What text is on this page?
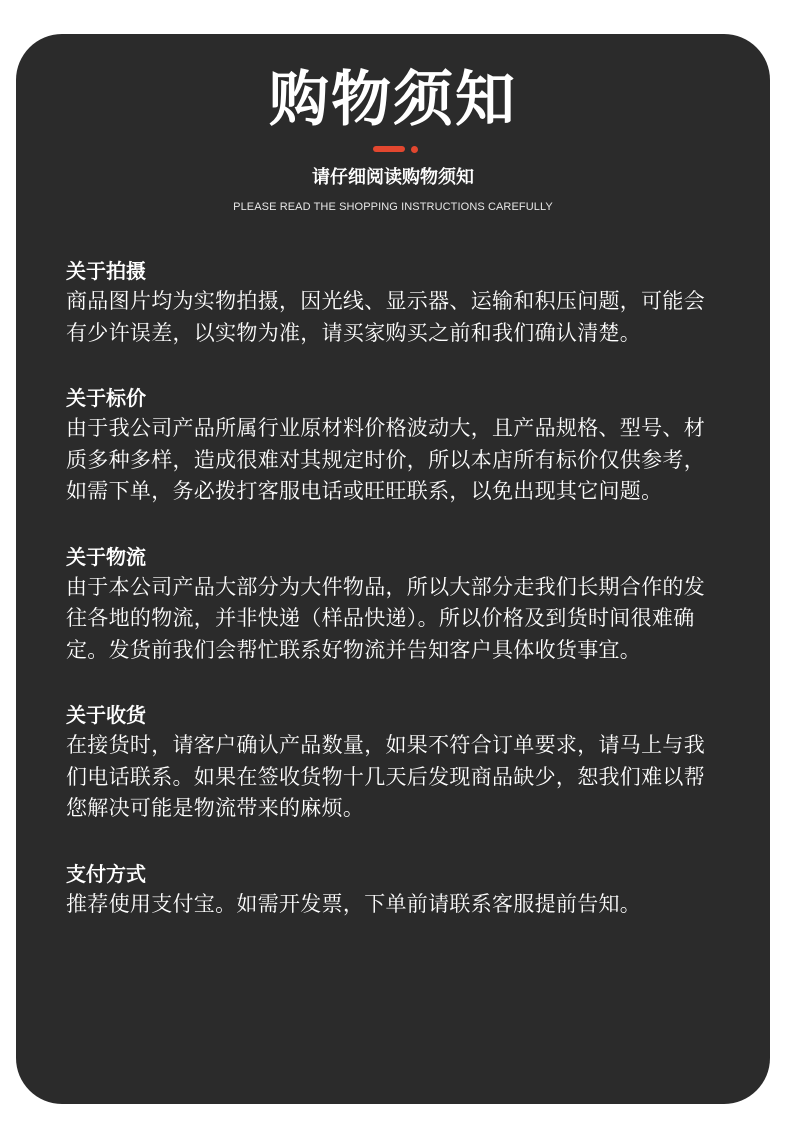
购物须知
请仔细阅读购物须知
PLEASE READ THE SHOPPING INSTRUCTIONS CAREFULLY

关于拍摄

商品图片均为实物拍摄，因光线、显示器、运输和积压问题，可能会有少许误差，以实物为准，请买家购买之前和我们确认清楚。

关于标价

由于我公司产品所属行业原材料价格波动大，且产品规格、型号、材质多种多样，造成很难对其规定时价，所以本店所有标价仅供参考，如需下单，务必拨打客服电话或旺旺联系，以免出现其它问题。

关于物流

由于本公司产品大部分为大件物品，所以大部分走我们长期合作的发往各地的物流，并非快递（样品快递）。所以价格及到货时间很难确定。发货前我们会帮忙联系好物流并告知客户具体收货事宜。

关于收货

在接货时，请客户确认产品数量，如果不符合订单要求，请马上与我们电话联系。如果在签收货物十几天后发现商品缺少，恕我们难以帮您解决可能是物流带来的麻烦。

支付方式

推荐使用支付宝。如需开发票，下单前请联系客服提前告知。
